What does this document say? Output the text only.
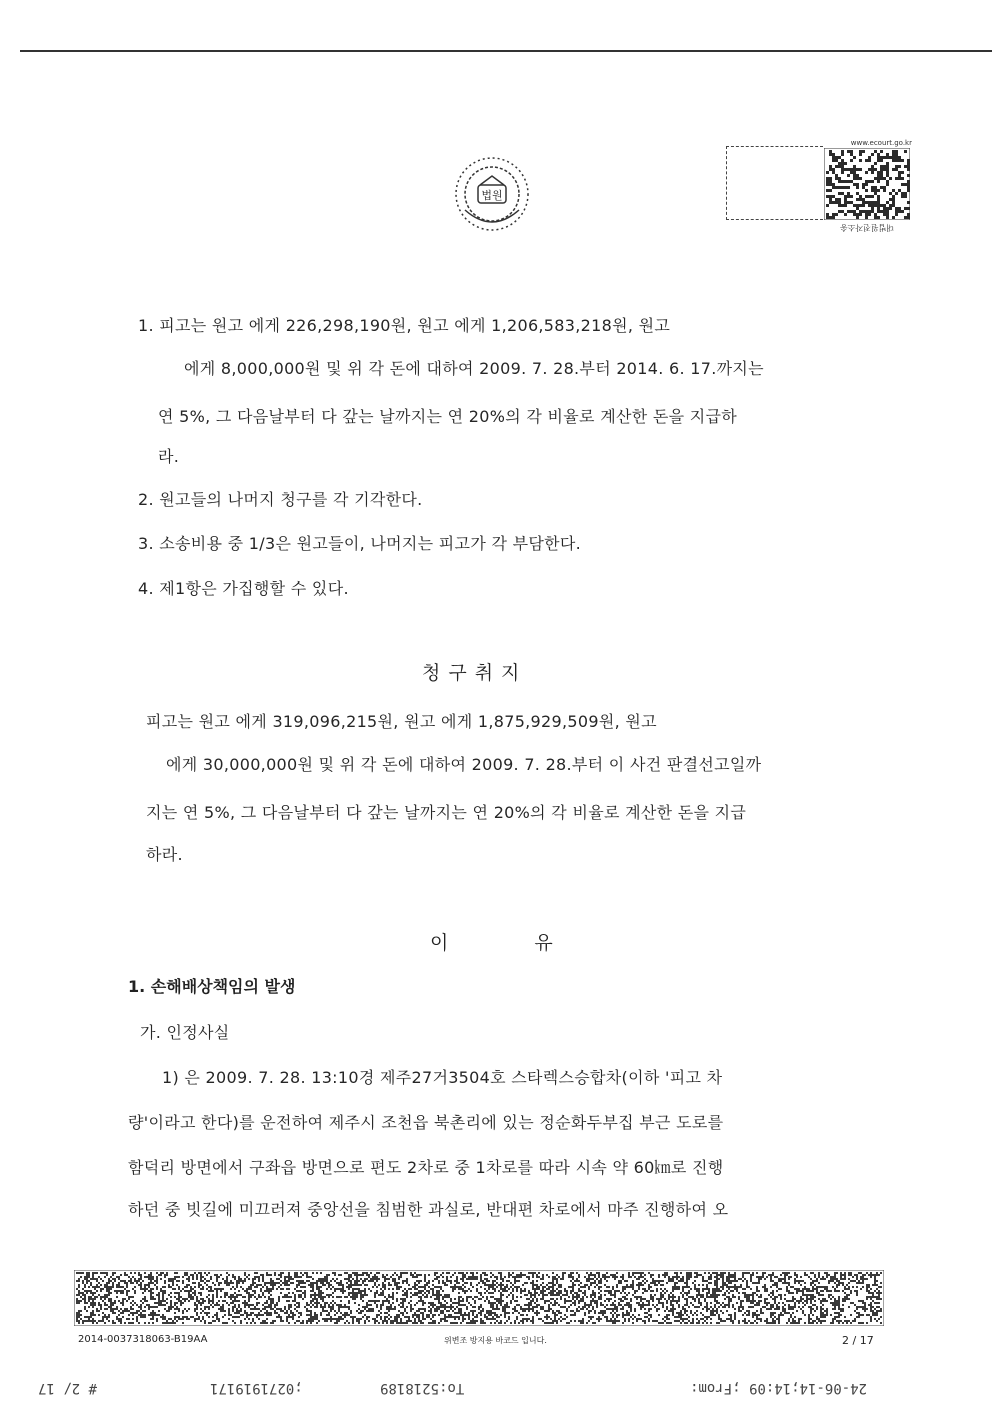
법원
www.ecourt.go.kr
대법원전자소송
1. 피고는 원고 에게 226,298,190원, 원고 에게 1,206,583,218원, 원고
에게 8,000,000원 및 위 각 돈에 대하여 2009. 7. 28.부터 2014. 6. 17.까지는
연 5%, 그 다음날부터 다 갚는 날까지는 연 20%의 각 비율로 계산한 돈을 지급하
라.
2. 원고들의 나머지 청구를 각 기각한다.
3. 소송비용 중 1/3은 원고들이, 나머지는 피고가 각 부담한다.
4. 제1항은 가집행할 수 있다.
청구취지
피고는 원고 에게 319,096,215원, 원고 에게 1,875,929,509원, 원고
에게 30,000,000원 및 위 각 돈에 대하여 2009. 7. 28.부터 이 사건 판결선고일까
지는 연 5%, 그 다음날부터 다 갚는 날까지는 연 20%의 각 비율로 계산한 돈을 지급
하라.
이 유
1. 손해배상책임의 발생
가. 인정사실
1) 은 2009. 7. 28. 13:10경 제주27거3504호 스타렉스승합차(이하 '피고 차
량'이라고 한다)를 운전하여 제주시 조천읍 북촌리에 있는 정순화두부집 부근 도로를
함덕리 방면에서 구좌읍 방면으로 편도 2차로 중 1차로를 따라 시속 약 60㎞로 진행
하던 중 빗길에 미끄러져 중앙선을 침범한 과실로, 반대편 차로에서 마주 진행하여 오
2014-0037318063-B19AA	위변조 방지용 바코드 입니다.	2 / 17
24-06-14;14:09 ;From:
To:5218189
;0271919171
# 2/ 17
